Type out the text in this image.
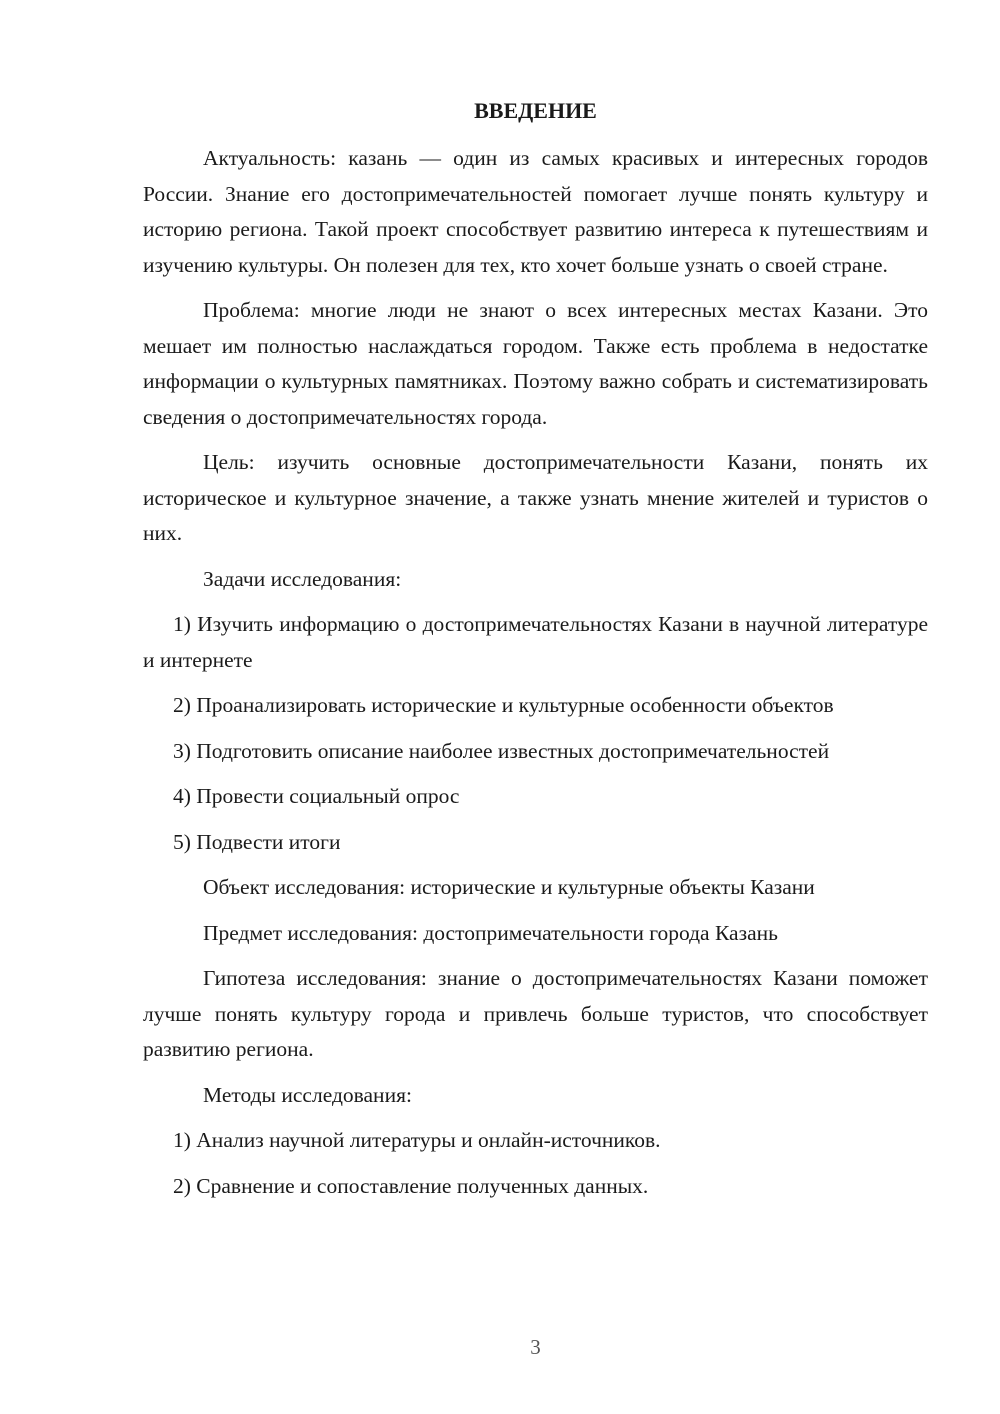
ВВЕДЕНИЕ

Актуальность: казань — один из самых красивых и интересных городов России. Знание его достопримечательностей помогает лучше понять культуру и историю региона. Такой проект способствует развитию интереса к путешествиям и изучению культуры. Он полезен для тех, кто хочет больше узнать о своей стране.

Проблема: многие люди не знают о всех интересных местах Казани. Это мешает им полностью наслаждаться городом. Также есть проблема в недостатке информации о культурных памятниках. Поэтому важно собрать и систематизировать сведения о достопримечательностях города.

Цель: изучить основные достопримечательности Казани, понять их историческое и культурное значение, а также узнать мнение жителей и туристов о них.

Задачи исследования:

1) Изучить информацию о достопримечательностях Казани в научной литературе и интернете

2) Проанализировать исторические и культурные особенности объектов

3) Подготовить описание наиболее известных достопримечательностей

4) Провести социальный опрос

5) Подвести итоги

Объект исследования: исторические и культурные объекты Казани

Предмет исследования: достопримечательности города Казань

Гипотеза исследования: знание о достопримечательностях Казани поможет лучше понять культуру города и привлечь больше туристов, что способствует развитию региона.

Методы исследования:

1) Анализ научной литературы и онлайн-источников.

2) Сравнение и сопоставление полученных данных.

3
